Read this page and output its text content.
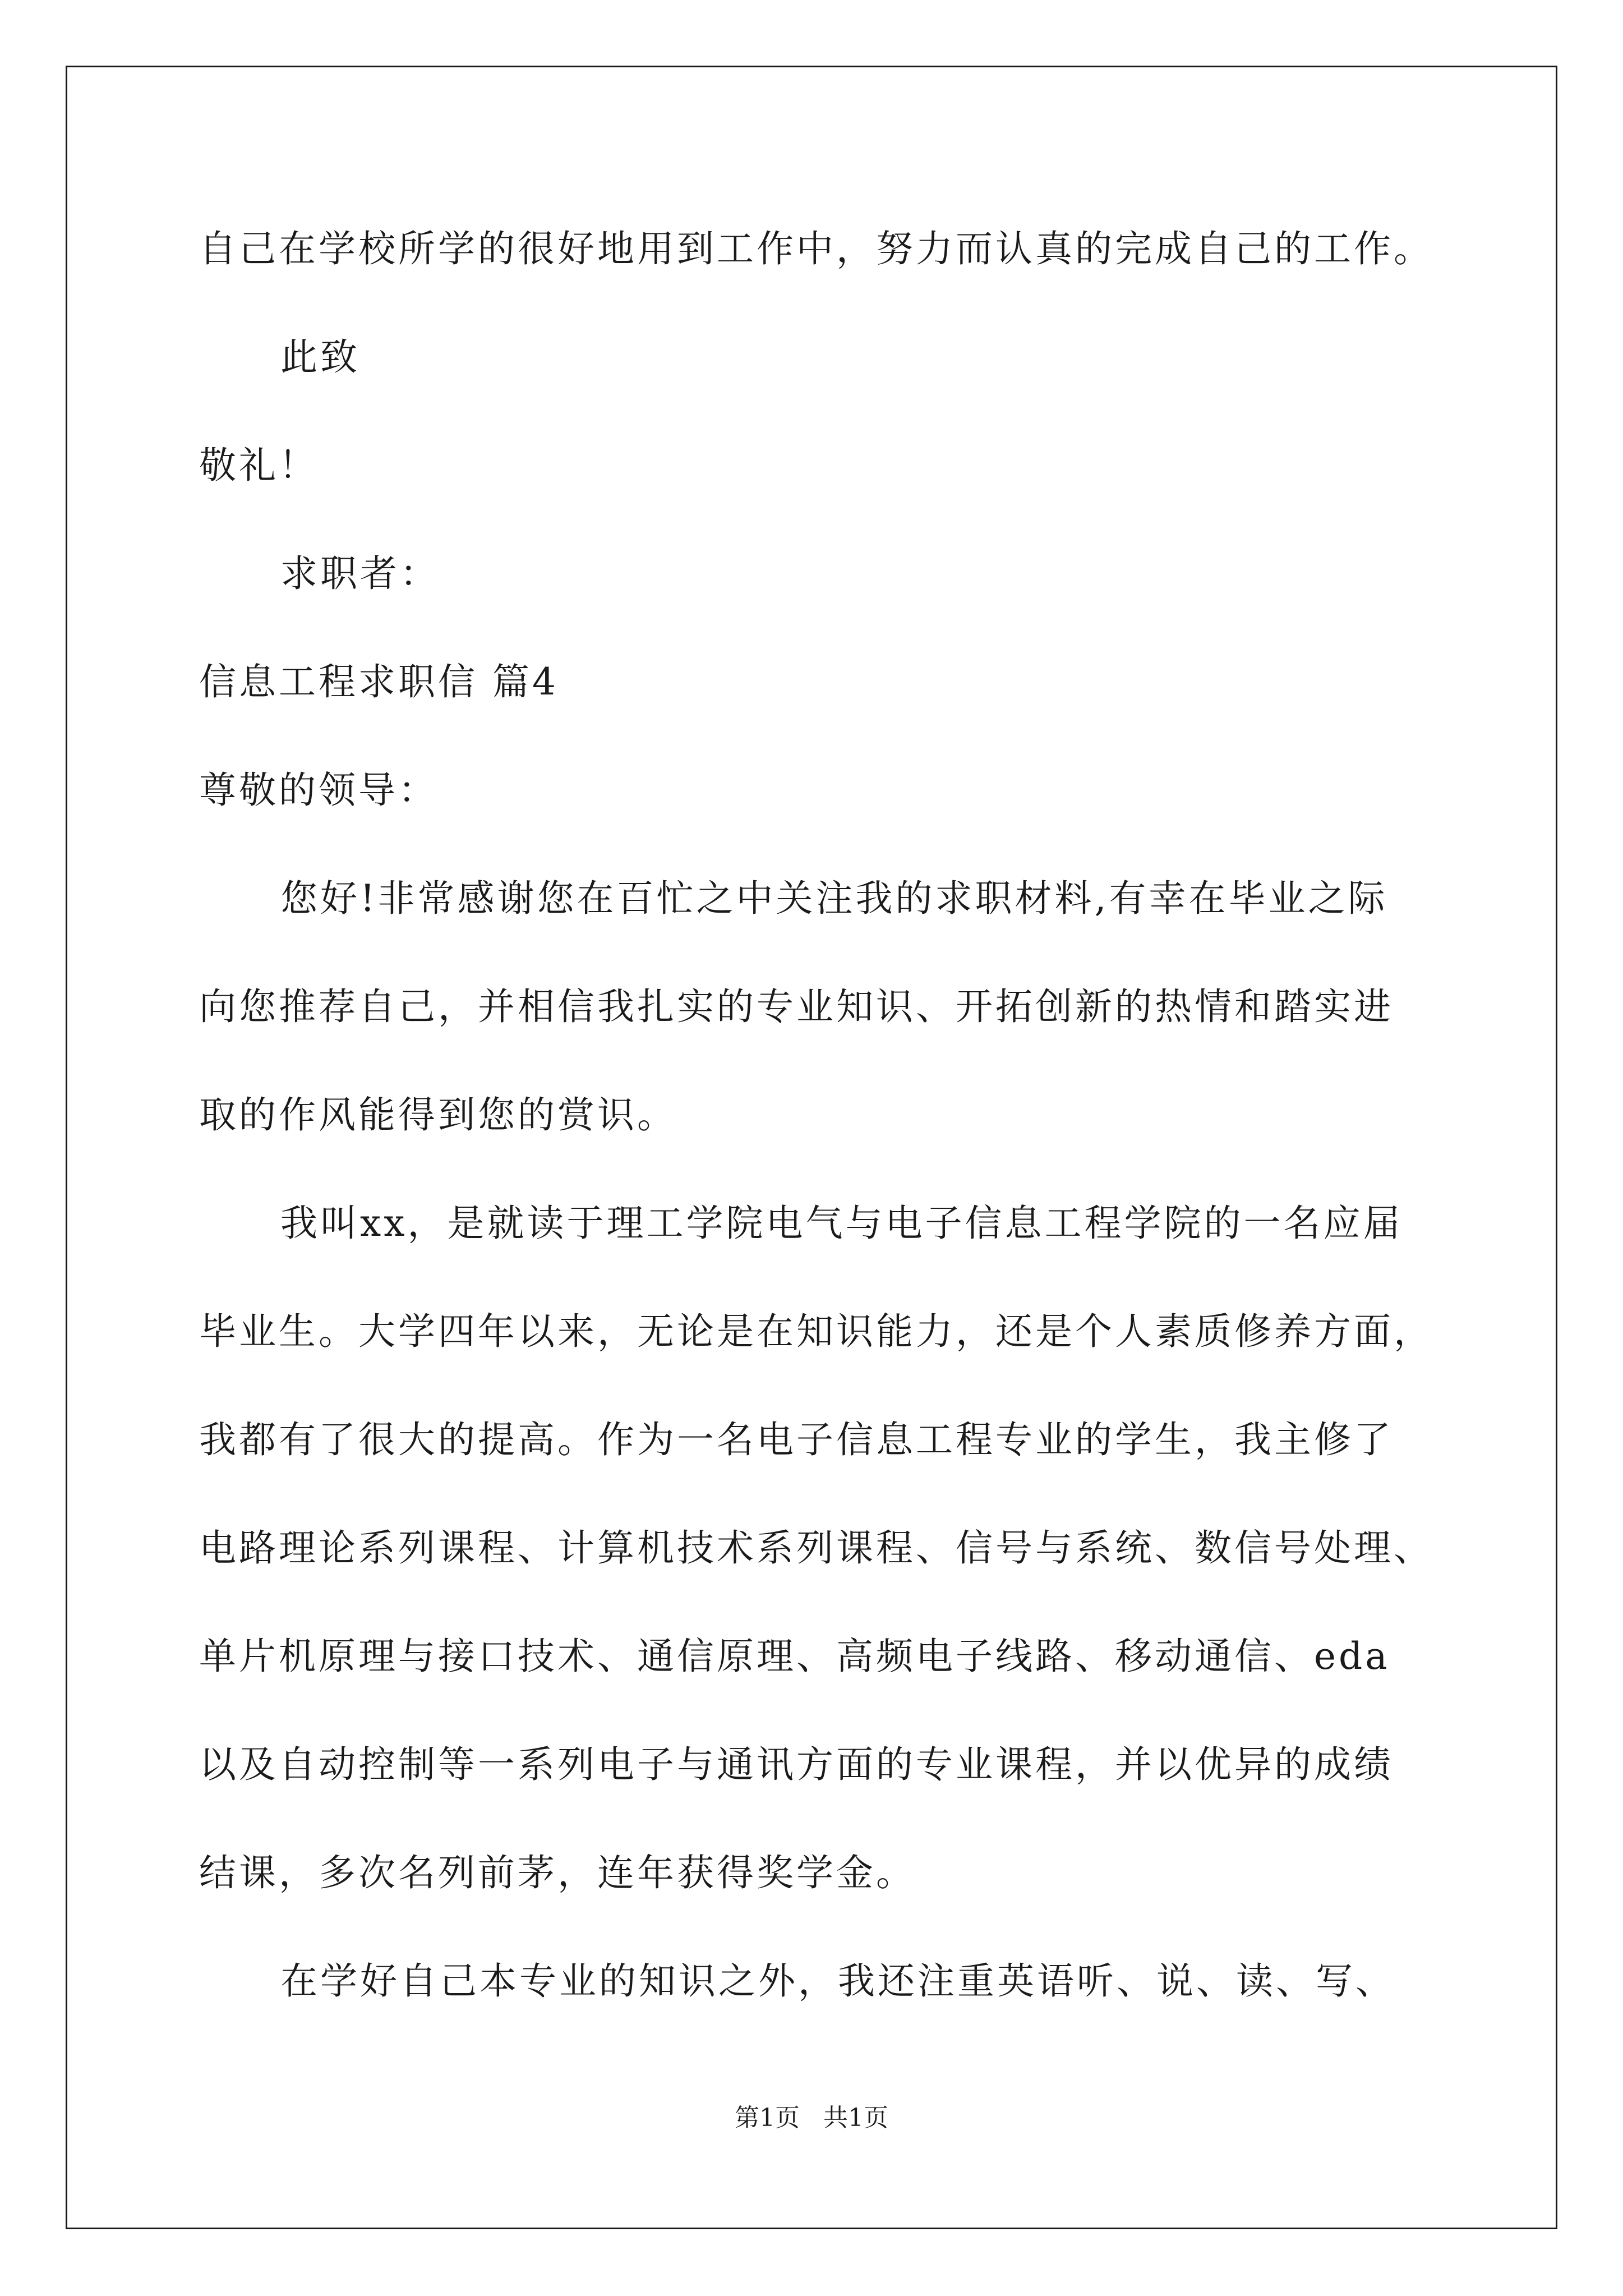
自己在学校所学的很好地用到工作中，努力而认真的完成自己的工作。

此致

敬礼！

求职者：

信息工程求职信 篇4

尊敬的领导：

您好!非常感谢您在百忙之中关注我的求职材料,有幸在毕业之际

向您推荐自己，并相信我扎实的专业知识、开拓创新的热情和踏实进

取的作风能得到您的赏识。

我叫xx，是就读于理工学院电气与电子信息工程学院的一名应届

毕业生。大学四年以来，无论是在知识能力，还是个人素质修养方面，

我都有了很大的提高。作为一名电子信息工程专业的学生，我主修了

电路理论系列课程、计算机技术系列课程、信号与系统、数信号处理、

单片机原理与接口技术、通信原理、高频电子线路、移动通信、eda

以及自动控制等一系列电子与通讯方面的专业课程，并以优异的成绩

结课，多次名列前茅，连年获得奖学金。

在学好自己本专业的知识之外，我还注重英语听、说、读、写、

第1页   共1页
